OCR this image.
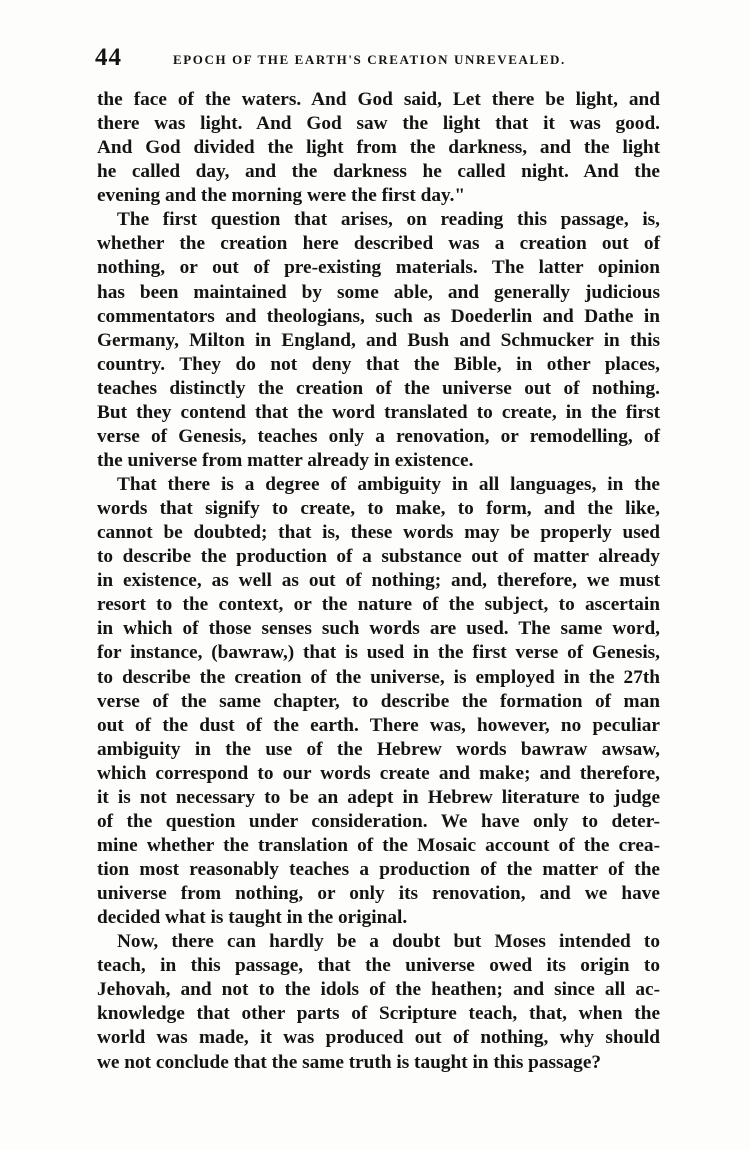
44	EPOCH OF THE EARTH'S CREATION UNREVEALED.
the face of the waters. And God said, Let there be light, and
there was light. And God saw the light that it was good.
And God divided the light from the darkness, and the light
he called day, and the darkness he called night. And the
evening and the morning were the first day."
The first question that arises, on reading this passage, is,
whether the creation here described was a creation out of
nothing, or out of pre-existing materials. The latter opinion
has been maintained by some able, and generally judicious
commentators and theologians, such as Doederlin and Dathe in
Germany, Milton in England, and Bush and Schmucker in this
country. They do not deny that the Bible, in other places,
teaches distinctly the creation of the universe out of nothing.
But they contend that the word translated to create, in the first
verse of Genesis, teaches only a renovation, or remodelling, of
the universe from matter already in existence.
That there is a degree of ambiguity in all languages, in the
words that signify to create, to make, to form, and the like,
cannot be doubted; that is, these words may be properly used
to describe the production of a substance out of matter already
in existence, as well as out of nothing; and, therefore, we must
resort to the context, or the nature of the subject, to ascertain
in which of those senses such words are used. The same word,
for instance, (bawraw,) that is used in the first verse of Genesis,
to describe the creation of the universe, is employed in the 27th
verse of the same chapter, to describe the formation of man
out of the dust of the earth. There was, however, no peculiar
ambiguity in the use of the Hebrew words bawraw awsaw,
which correspond to our words create and make; and therefore,
it is not necessary to be an adept in Hebrew literature to judge
of the question under consideration. We have only to deter-
mine whether the translation of the Mosaic account of the crea-
tion most reasonably teaches a production of the matter of the
universe from nothing, or only its renovation, and we have
decided what is taught in the original.
Now, there can hardly be a doubt but Moses intended to
teach, in this passage, that the universe owed its origin to
Jehovah, and not to the idols of the heathen; and since all ac-
knowledge that other parts of Scripture teach, that, when the
world was made, it was produced out of nothing, why should
we not conclude that the same truth is taught in this passage?
